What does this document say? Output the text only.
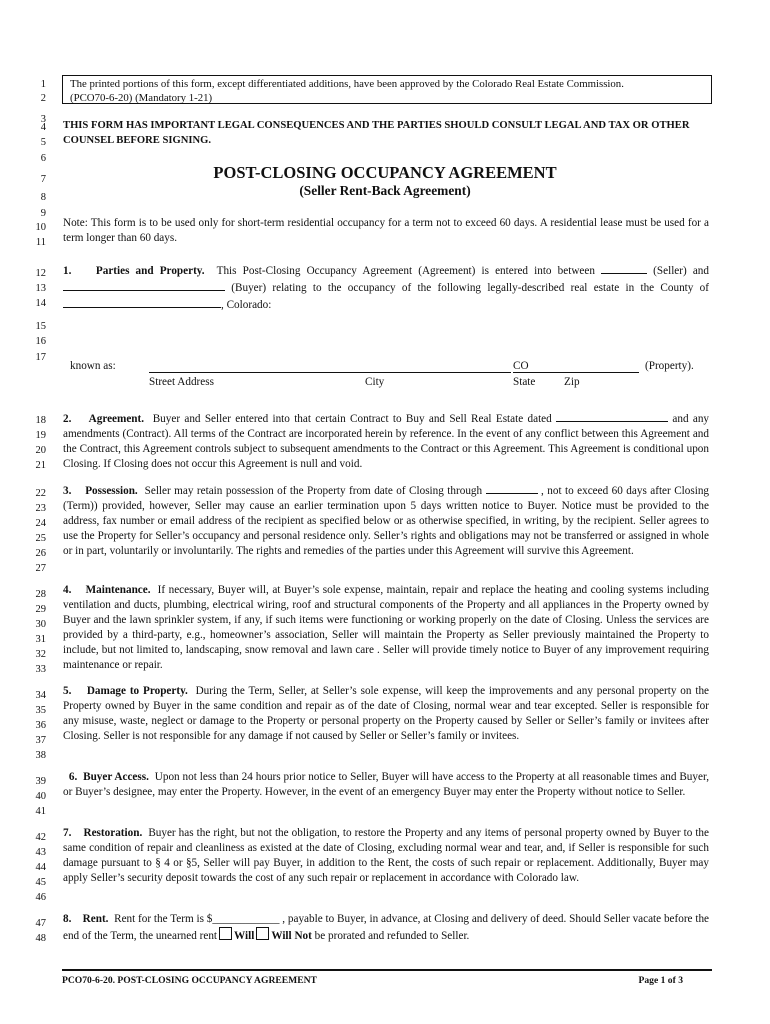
1
2
3
4
5
6
7
8
9
10
11
12
13
14
15
16
17
18
19
20
21
22
23
24
25
26
27
28
29
30
31
32
33
34
35
36
37
38
39
40
41
42
43
44
45
46
47
48
The printed portions of this form, except differentiated additions, have been approved by the Colorado Real Estate Commission.
(PCO70-6-20) (Mandatory 1-21)
THIS FORM HAS IMPORTANT LEGAL CONSEQUENCES AND THE PARTIES SHOULD CONSULT LEGAL AND TAX OR OTHER COUNSEL BEFORE SIGNING.
POST-CLOSING OCCUPANCY AGREEMENT
(Seller Rent-Back Agreement)

Note: This form is to be used only for short-term residential occupancy for a term not to exceed 60 days. A residential lease must be used for a term longer than 60 days.

1. Parties and Property. This Post-Closing Occupancy Agreement (Agreement) is entered into between	(Seller) and  (Buyer) relating to the occupancy of the following legally-described real estate in the County of , Colorado:

known as:	CO	(Property).
Street Address	City	State	Zip

2. Agreement. Buyer and Seller entered into that certain Contract to Buy and Sell Real Estate dated	and any amendments (Contract). All terms of the Contract are incorporated herein by reference. In the event of any conflict between this Agreement and the Contract, this Agreement controls subject to subsequent amendments to the Contract or this Agreement. This Agreement is conditional upon Closing. If Closing does not occur this Agreement is null and void.

3. Possession. Seller may retain possession of the Property from date of Closing through	, not to exceed 60 days after Closing (Term)) provided, however, Seller may cause an earlier termination upon 5 days written notice to Buyer. Notice must be provided to the address, fax number or email address of the recipient as specified below or as otherwise specified, in writing, by the recipient. Seller agrees to use the Property for Seller’s occupancy and personal residence only. Seller’s rights and obligations may not be transferred or assigned in whole or in part, voluntarily or involuntarily. The rights and remedies of the parties under this Agreement will survive this Agreement.

4. Maintenance. If necessary, Buyer will, at Buyer’s sole expense, maintain, repair and replace the heating and cooling systems including ventilation and ducts, plumbing, electrical wiring, roof and structural components of the Property and all appliances in the Property owned by Buyer and the lawn sprinkler system, if any, if such items were functioning or working properly on the date of Closing. Unless the services are provided by a third-party, e.g., homeowner’s association, Seller will maintain the Property as Seller previously maintained the Property to include, but not limited to, landscaping, snow removal and lawn care . Seller will provide timely notice to Buyer of any improvement requiring maintenance or repair.

5. Damage to Property. During the Term, Seller, at Seller’s sole expense, will keep the improvements and any personal property on the Property owned by Buyer in the same condition and repair as of the date of Closing, normal wear and tear excepted. Seller is responsible for any misuse, waste, neglect or damage to the Property or personal property on the Property caused by Seller or Seller’s family or invitees after Closing. Seller is not responsible for any damage if not caused by Seller or Seller’s family or invitees.

6. Buyer Access. Upon not less than 24 hours prior notice to Seller, Buyer will have access to the Property at all reasonable times and Buyer, or Buyer’s designee, may enter the Property. However, in the event of an emergency Buyer may enter the Property without notice to Seller.

7. Restoration. Buyer has the right, but not the obligation, to restore the Property and any items of personal property owned by Buyer to the same condition of repair and cleanliness as existed at the date of Closing, excluding normal wear and tear, and, if Seller is responsible for such damage pursuant to § 4 or §5, Seller will pay Buyer, in addition to the Rent, the costs of such repair or replacement. Additionally, Buyer may apply Seller’s security deposit towards the cost of any such repair or replacement in accordance with Colorado law.

8. Rent. Rent for the Term is $____________ , payable to Buyer, in advance, at Closing and delivery of deed. Should Seller vacate before the end of the Term, the unearned rent Will Will Not be prorated and refunded to Seller.

PCO70-6-20. POST-CLOSING OCCUPANCY AGREEMENT	Page 1 of 3
